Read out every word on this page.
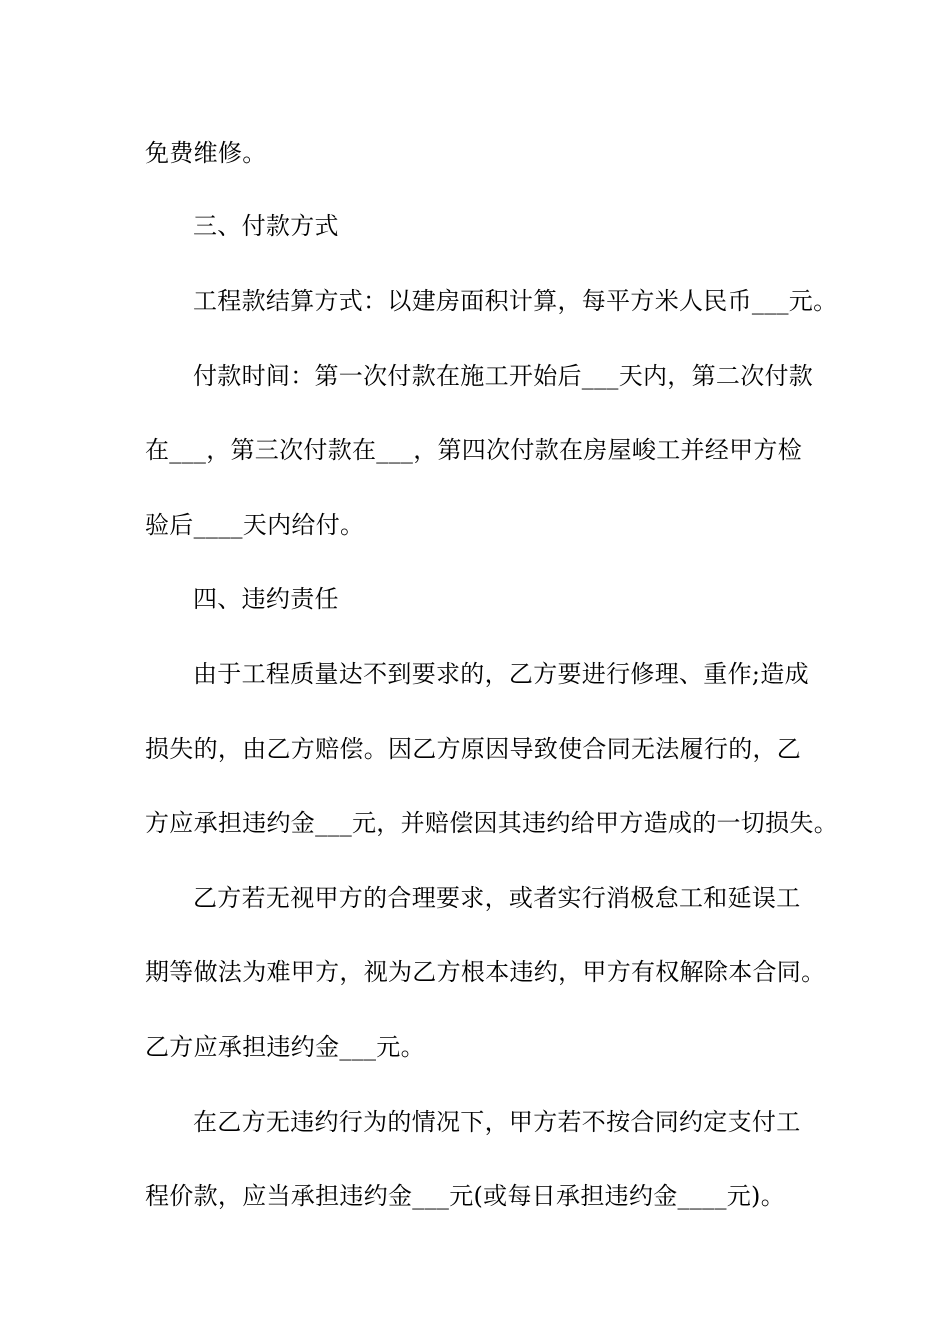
免费维修。
三、付款方式
工程款结算方式：以建房面积计算，每平方米人民币___元。
付款时间：第一次付款在施工开始后___天内，第二次付款
在___，第三次付款在___，第四次付款在房屋峻工并经甲方检
验后____天内给付。
四、违约责任
由于工程质量达不到要求的，乙方要进行修理、重作;造成
损失的，由乙方赔偿。因乙方原因导致使合同无法履行的，乙
方应承担违约金___元，并赔偿因其违约给甲方造成的一切损失。
乙方若无视甲方的合理要求，或者实行消极怠工和延误工
期等做法为难甲方，视为乙方根本违约，甲方有权解除本合同。
乙方应承担违约金___元。
在乙方无违约行为的情况下，甲方若不按合同约定支付工
程价款，应当承担违约金___元(或每日承担违约金____元)。
